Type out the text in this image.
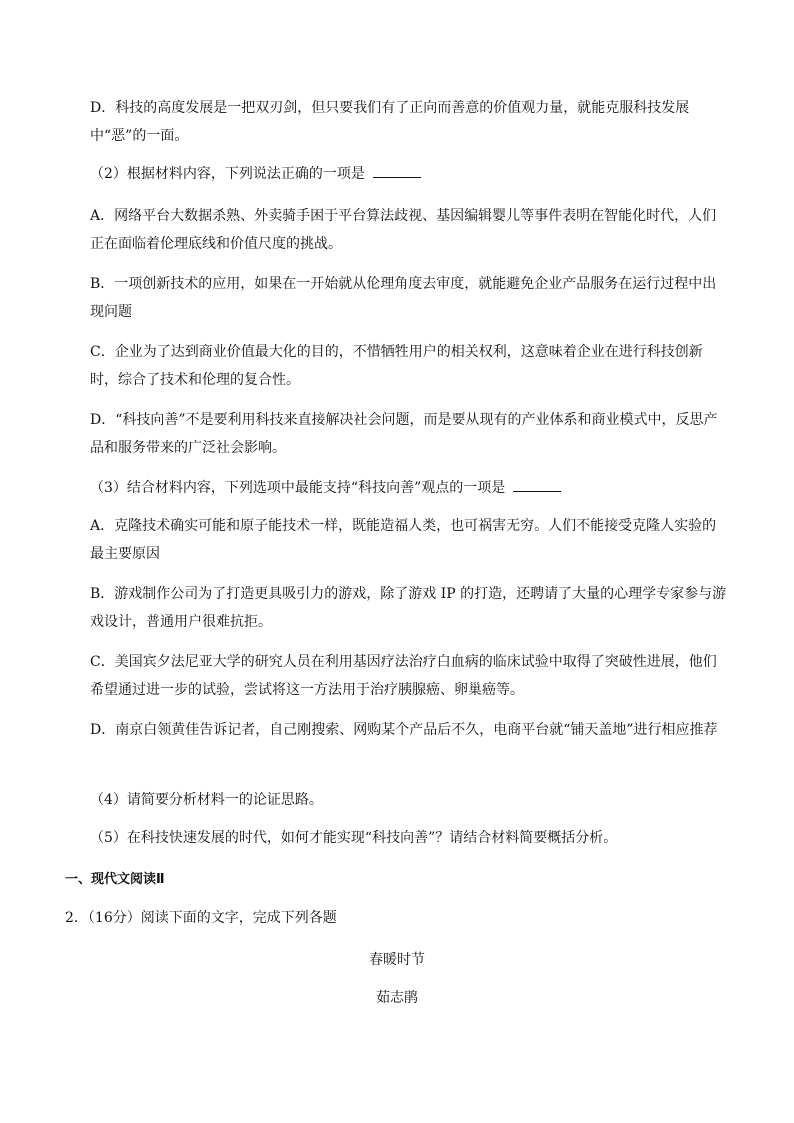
D．科技的高度发展是一把双刃剑，但只要我们有了正向而善意的价值观力量，就能克服科技发展中“恶”的一面。

（2）根据材料内容，下列说法正确的一项是

A．网络平台大数据杀熟、外卖骑手困于平台算法歧视、基因编辑婴儿等事件表明在智能化时代，人们正在面临着伦理底线和价值尺度的挑战。

B．一项创新技术的应用，如果在一开始就从伦理角度去审度，就能避免企业产品服务在运行过程中出现问题

C．企业为了达到商业价值最大化的目的，不惜牺牲用户的相关权利，这意味着企业在进行科技创新时，综合了技术和伦理的复合性。

D．“科技向善”不是要利用科技来直接解决社会问题，而是要从现有的产业体系和商业模式中，反思产品和服务带来的广泛社会影响。

（3）结合材料内容，下列选项中最能支持“科技向善”观点的一项是

A．克隆技术确实可能和原子能技术一样，既能造福人类，也可祸害无穷。人们不能接受克隆人实验的最主要原因

B．游戏制作公司为了打造更具吸引力的游戏，除了游戏 IP 的打造，还聘请了大量的心理学专家参与游戏设计，普通用户很难抗拒。

C．美国宾夕法尼亚大学的研究人员在利用基因疗法治疗白血病的临床试验中取得了突破性进展，他们希望通过进一步的试验，尝试将这一方法用于治疗胰腺癌、卵巢癌等。

D．南京白领黄佳告诉记者，自己刚搜索、网购某个产品后不久，电商平台就“铺天盖地”进行相应推荐

（4）请简要分析材料一的论证思路。

（5）在科技快速发展的时代，如何才能实现“科技向善”？请结合材料简要概括分析。

一、现代文阅读Ⅱ
2．（16分）阅读下面的文字，完成下列各题
春暖时节
茹志鹃
